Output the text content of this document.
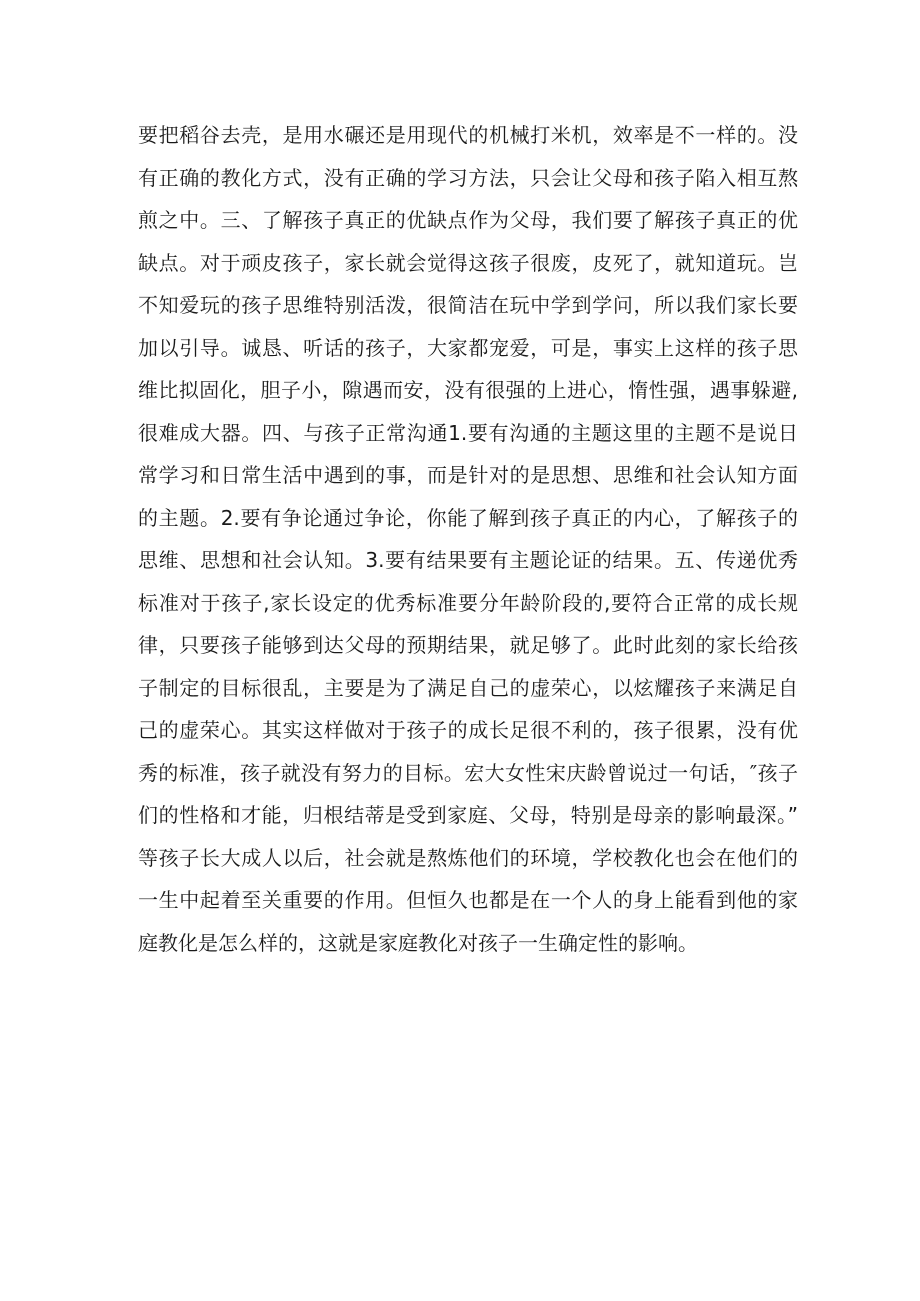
要把稻谷去壳，是用水碾还是用现代的机械打米机，效率是不一样的。没
有正确的教化方式，没有正确的学习方法，只会让父母和孩子陷入相互熬
煎之中。三、了解孩子真正的优缺点作为父母，我们要了解孩子真正的优
缺点。对于顽皮孩子，家长就会觉得这孩子很废，皮死了，就知道玩。岂
不知爱玩的孩子思维特别活泼，很简洁在玩中学到学问，所以我们家长要
加以引导。诚恳、听话的孩子，大家都宠爱，可是，事实上这样的孩子思
维比拟固化，胆子小，隙遇而安，没有很强的上进心，惰性强，遇事躲避,
很难成大器。四、与孩子正常沟通1.要有沟通的主题这里的主题不是说日
常学习和日常生活中遇到的事，而是针对的是思想、思维和社会认知方面
的主题。2.要有争论通过争论，你能了解到孩子真正的内心，了解孩子的
思维、思想和社会认知。3.要有结果要有主题论证的结果。五、传递优秀
标准对于孩子,家长设定的优秀标准要分年龄阶段的,要符合正常的成长规
律，只要孩子能够到达父母的预期结果，就足够了。此时此刻的家长给孩
子制定的目标很乱，主要是为了满足自己的虚荣心，以炫耀孩子来满足自
己的虚荣心。其实这样做对于孩子的成长足很不利的，孩子很累，没有优
秀的标准，孩子就没有努力的目标。宏大女性宋庆龄曾说过一句话，″孩子
们的性格和才能，归根结蒂是受到家庭、父母，特别是母亲的影响最深。”
等孩子长大成人以后，社会就是熬炼他们的环境，学校教化也会在他们的
一生中起着至关重要的作用。但恒久也都是在一个人的身上能看到他的家
庭教化是怎么样的，这就是家庭教化对孩子一生确定性的影响。
